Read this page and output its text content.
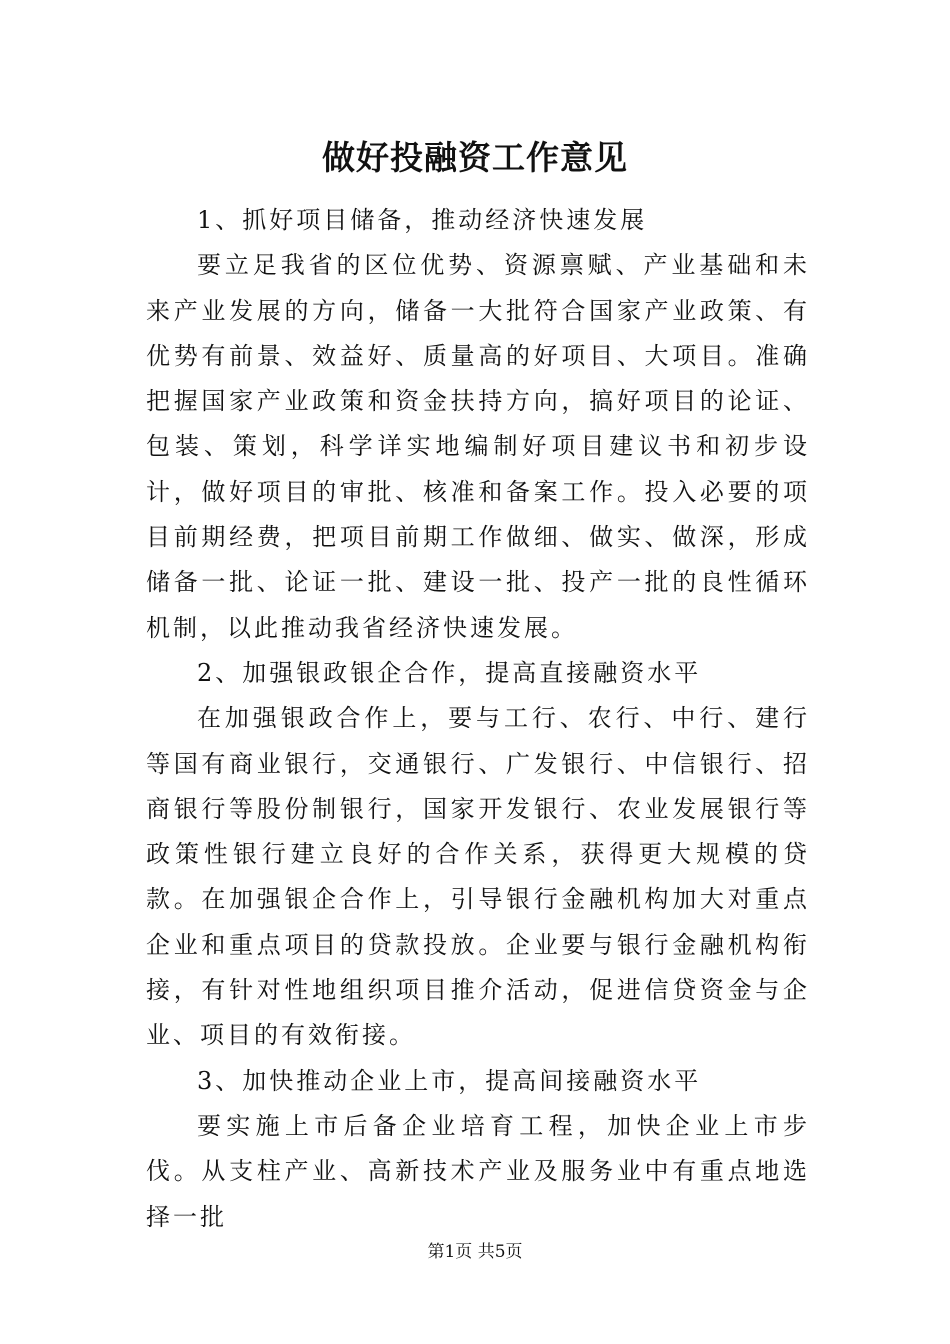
做好投融资工作意见

1、抓好项目储备，推动经济快速发展

要立足我省的区位优势、资源禀赋、产业基础和未来产业发展的方向，储备一大批符合国家产业政策、有优势有前景、效益好、质量高的好项目、大项目。准确把握国家产业政策和资金扶持方向，搞好项目的论证、包装、策划，科学详实地编制好项目建议书和初步设计，做好项目的审批、核准和备案工作。投入必要的项目前期经费，把项目前期工作做细、做实、做深，形成储备一批、论证一批、建设一批、投产一批的良性循环机制，以此推动我省经济快速发展。

2、加强银政银企合作，提高直接融资水平

在加强银政合作上，要与工行、农行、中行、建行等国有商业银行，交通银行、广发银行、中信银行、招商银行等股份制银行，国家开发银行、农业发展银行等政策性银行建立良好的合作关系，获得更大规模的贷款。在加强银企合作上，引导银行金融机构加大对重点企业和重点项目的贷款投放。企业要与银行金融机构衔接，有针对性地组织项目推介活动，促进信贷资金与企业、项目的有效衔接。

3、加快推动企业上市，提高间接融资水平

要实施上市后备企业培育工程，加快企业上市步伐。从支柱产业、高新技术产业及服务业中有重点地选择一批

第1页 共5页
